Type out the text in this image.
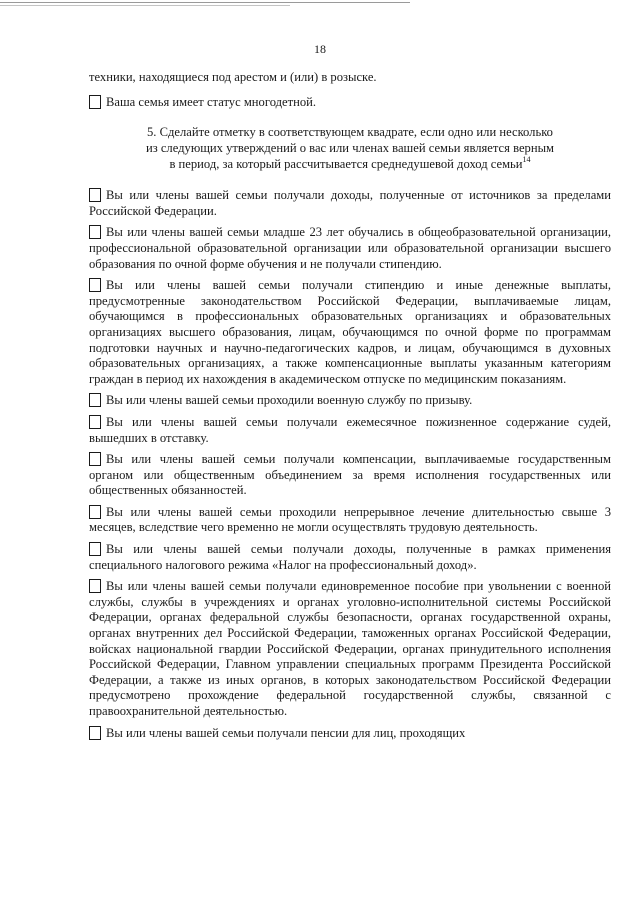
18

техники, находящиеся под арестом и (или) в розыске.

Ваша семья имеет статус многодетной.

5. Сделайте отметку в соответствующем квадрате, если одно или несколько
из следующих утверждений о вас или членах вашей семьи является верным
в период, за который рассчитывается среднедушевой доход семьи$^{14}$

Вы или члены вашей семьи получали доходы, полученные от источников за пределами Российской Федерации.

Вы или члены вашей семьи младше 23 лет обучались в общеобразовательной организации, профессиональной образовательной организации или образовательной организации высшего образования по очной форме обучения и не получали стипендию.

Вы или члены вашей семьи получали стипендию и иные денежные выплаты, предусмотренные законодательством Российской Федерации, выплачиваемые лицам, обучающимся в профессиональных образовательных организациях и образовательных организациях высшего образования, лицам, обучающимся по очной форме по программам подготовки научных и научно-педагогических кадров, и лицам, обучающимся в духовных образовательных организациях, а также компенсационные выплаты указанным категориям граждан в период их нахождения в академическом отпуске по медицинским показаниям.

Вы или члены вашей семьи проходили военную службу по призыву.

Вы или члены вашей семьи получали ежемесячное пожизненное содержание судей, вышедших в отставку.

Вы или члены вашей семьи получали компенсации, выплачиваемые государственным органом или общественным объединением за время исполнения государственных или общественных обязанностей.

Вы или члены вашей семьи проходили непрерывное лечение длительностью свыше 3 месяцев, вследствие чего временно не могли осуществлять трудовую деятельность.

Вы или члены вашей семьи получали доходы, полученные в рамках применения специального налогового режима «Налог на профессиональный доход».

Вы или члены вашей семьи получали единовременное пособие при увольнении с военной службы, службы в учреждениях и органах уголовно-исполнительной системы Российской Федерации, органах федеральной службы безопасности, органах государственной охраны, органах внутренних дел Российской Федерации, таможенных органах Российской Федерации, войсках национальной гвардии Российской Федерации, органах принудительного исполнения Российской Федерации, Главном управлении специальных программ Президента Российской Федерации, а также из иных органов, в которых законодательством Российской Федерации предусмотрено прохождение федеральной государственной службы, связанной с правоохранительной деятельностью.

Вы или члены вашей семьи получали пенсии для лиц, проходящих
